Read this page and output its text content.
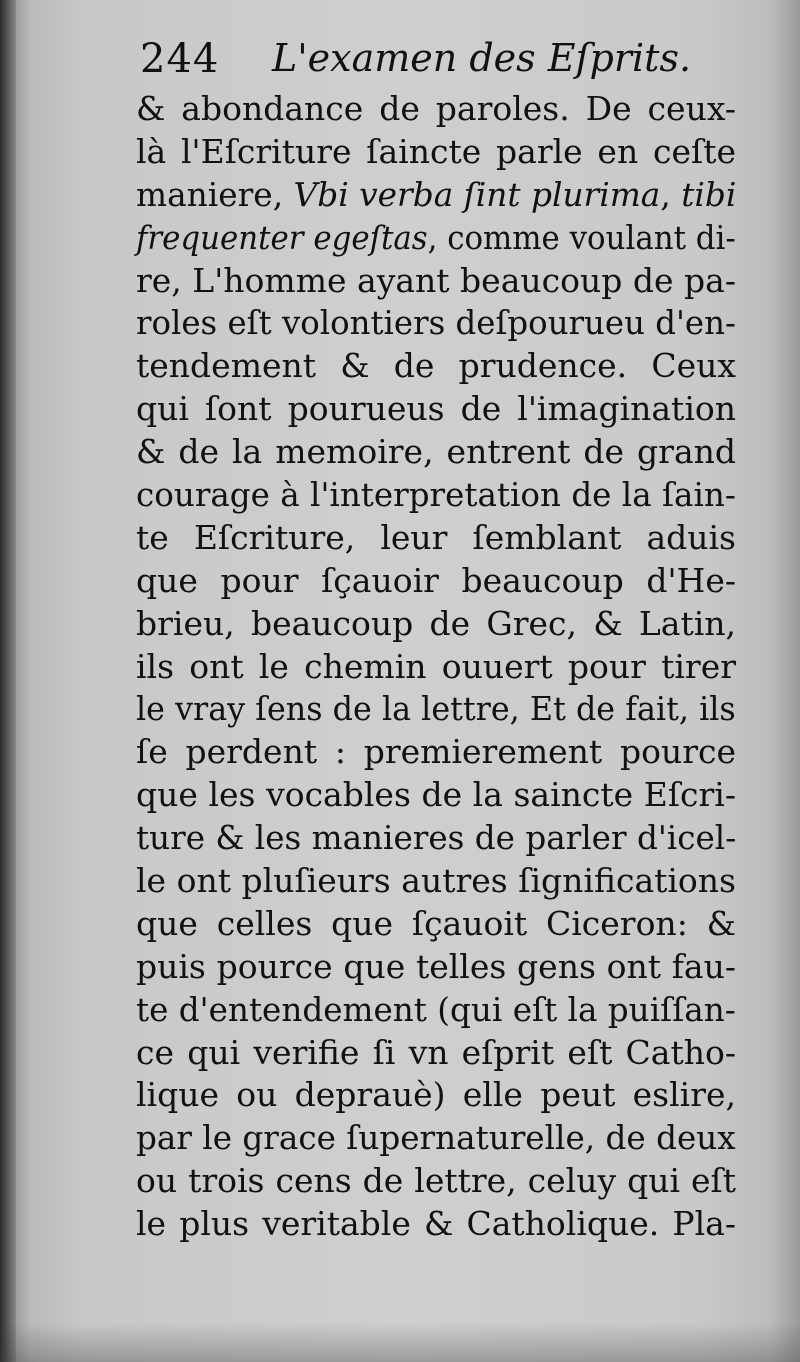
244 L'examen des Eſprits.
& abondance de paroles. De ceux-
là l'Eſcriture ſaincte parle en ceſte
maniere, Vbi verba ſint plurima, tibi
frequenter egeſtas, comme voulant di-
re, L'homme ayant beaucoup de pa-
roles eſt volontiers deſpourueu d'en-
tendement & de prudence. Ceux
qui ſont pourueus de l'imagination
& de la memoire, entrent de grand
courage à l'interpretation de la ſain-
te Eſcriture, leur ſemblant aduis
que pour ſçauoir beaucoup d'He-
brieu, beaucoup de Grec, & Latin,
ils ont le chemin ouuert pour tirer
le vray ſens de la lettre, Et de fait, ils
ſe perdent : premierement pource
que les vocables de la saincte Eſcri-
ture & les manieres de parler d'icel-
le ont pluſieurs autres ſignifications
que celles que ſçauoit Ciceron: &
puis pource que telles gens ont fau-
te d'entendement (qui eſt la puiſſan-
ce qui verifie ſi vn eſprit eſt Catho-
lique ou deprauè) elle peut eslire,
par le grace ſupernaturelle, de deux
ou trois cens de lettre, celuy qui eſt
le plus veritable & Catholique. Pla-
